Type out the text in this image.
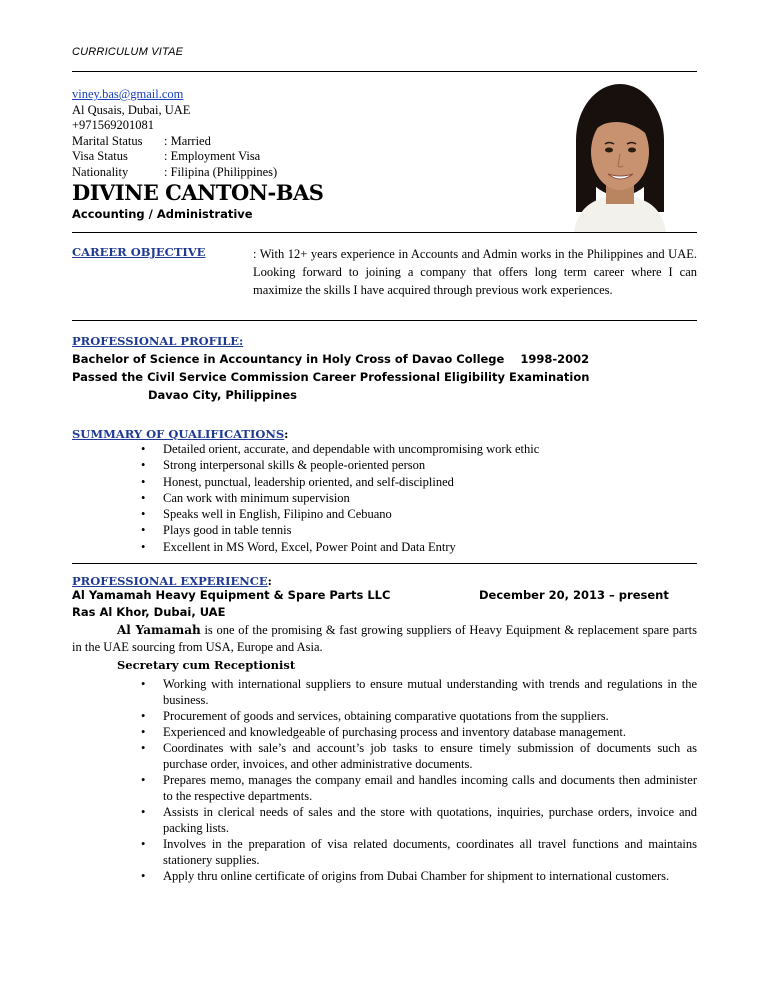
CURRICULUM VITAE
viney.bas@gmail.com
Al Qusais, Dubai, UAE
+971569201081
Marital Status	: Married
Visa Status	: Employment Visa
Nationality	: Filipina (Philippines)
DIVINE CANTON-BAS
Accounting / Administrative
CAREER OBJECTIVE	: With 12+ years experience in Accounts and Admin works in the Philippines and UAE. Looking forward to joining a company that offers long term career where I can maximize the skills I have acquired through previous work experiences.
PROFESSIONAL PROFILE:
Bachelor of Science in Accountancy in Holy Cross of Davao College    1998-2002
Passed the Civil Service Commission Career Professional Eligibility Examination
Davao City, Philippines
SUMMARY OF QUALIFICATIONS:
• Detailed orient, accurate, and dependable with uncompromising work ethic
• Strong interpersonal skills & people-oriented person
• Honest, punctual, leadership oriented, and self-disciplined
• Can work with minimum supervision
• Speaks well in English, Filipino and Cebuano
• Plays good in table tennis
• Excellent in MS Word, Excel, Power Point and Data Entry
PROFESSIONAL EXPERIENCE:
Al Yamamah Heavy Equipment & Spare Parts LLC	December 20, 2013 – present
Ras Al Khor, Dubai, UAE
Al Yamamah is one of the promising & fast growing suppliers of Heavy Equipment & replacement spare parts in the UAE sourcing from USA, Europe and Asia.
Secretary cum Receptionist
• Working with international suppliers to ensure mutual understanding with trends and regulations in the business.
• Procurement of goods and services, obtaining comparative quotations from the suppliers.
• Experienced and knowledgeable of purchasing process and inventory database management.
• Coordinates with sale’s and account’s job tasks to ensure timely submission of documents such as purchase order, invoices, and other administrative documents.
• Prepares memo, manages the company email and handles incoming calls and documents then administer to the respective departments.
• Assists in clerical needs of sales and the store with quotations, inquiries, purchase orders, invoice and packing lists.
• Involves in the preparation of visa related documents, coordinates all travel functions and maintains stationery supplies.
• Apply thru online certificate of origins from Dubai Chamber for shipment to international customers.
